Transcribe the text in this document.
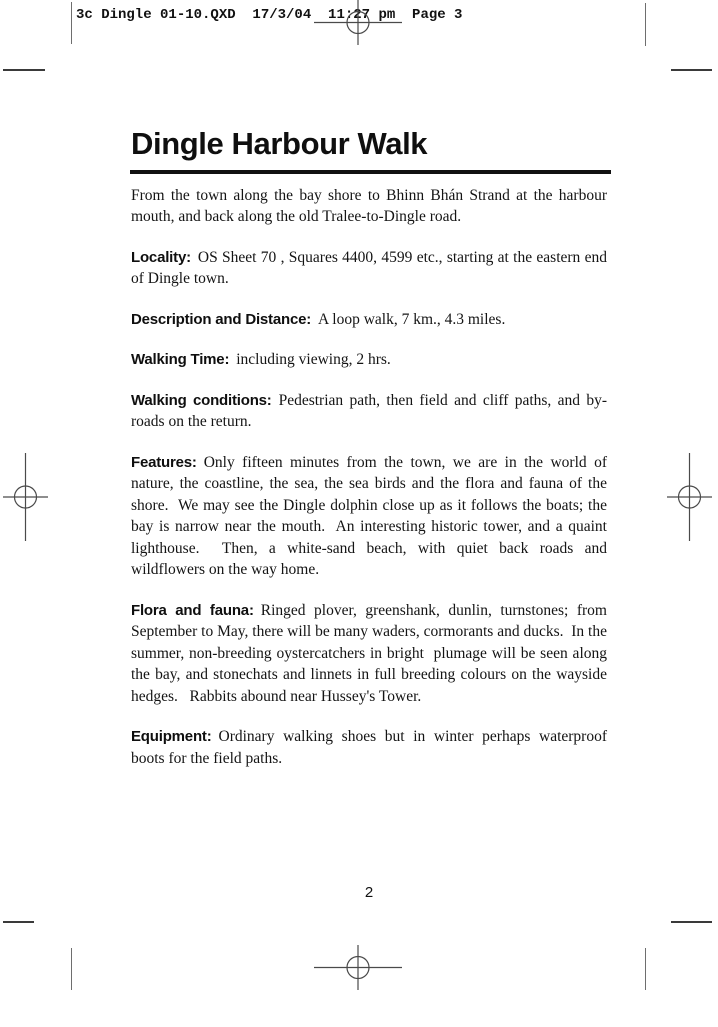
3c Dingle 01-10.QXD  17/3/04  11:27 pm  Page 3
Dingle Harbour Walk

From the town along the bay shore to Bhinn Bhán Strand at the harbour mouth, and back along the old Tralee-to-Dingle road.

Locality: OS Sheet 70 , Squares 4400, 4599 etc., starting at the eastern end of Dingle town.

Description and Distance: A loop walk, 7 km., 4.3 miles.

Walking Time: including viewing, 2 hrs.

Walking conditions: Pedestrian path, then field and cliff paths, and by-roads on the return.

Features: Only fifteen minutes from the town, we are in the world of nature, the coastline, the sea, the sea birds and the flora and fauna of the shore.  We may see the Dingle dolphin close up as it follows the boats; the bay is narrow near the mouth.  An interesting historic tower, and a quaint lighthouse.  Then, a white-sand beach, with quiet back roads and wildflowers on the way home.

Flora and fauna: Ringed plover, greenshank, dunlin, turnstones; from September to May, there will be many waders, cormorants and ducks.  In the summer, non-breeding oystercatchers in bright  plumage will be seen along the bay, and stonechats and linnets in full breeding colours on the wayside hedges.   Rabbits abound near Hussey's Tower.

Equipment: Ordinary walking shoes but in winter perhaps waterproof boots for the field paths.

2
